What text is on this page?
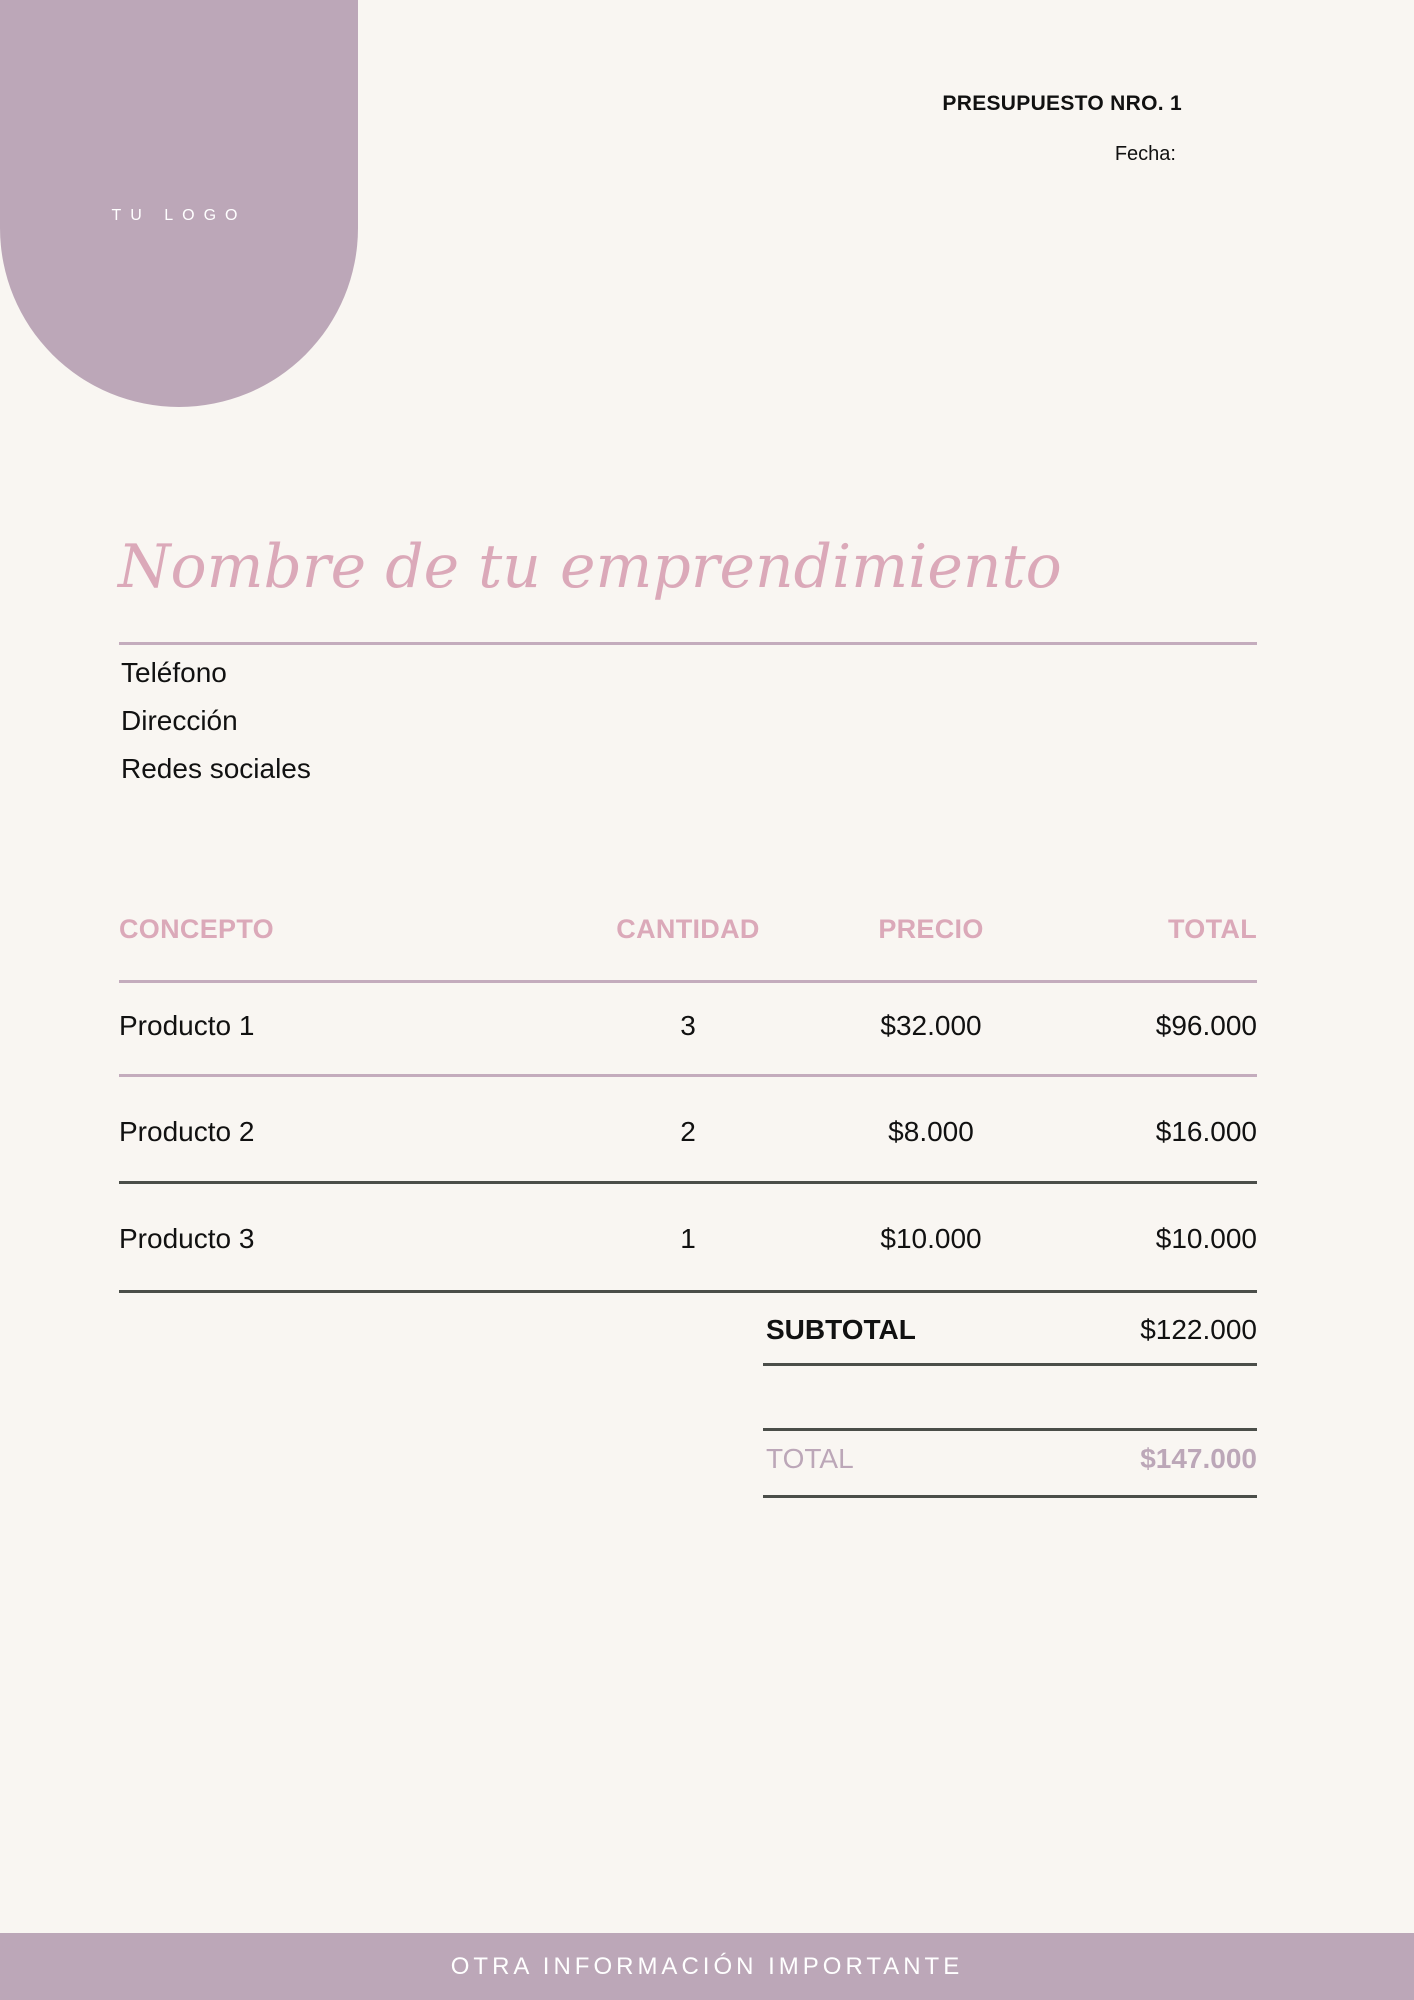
TU LOGO
PRESUPUESTO NRO. 1
Fecha:
Nombre de tu emprendimiento
Teléfono
Dirección
Redes sociales
CONCEPTO	CANTIDAD	PRECIO	TOTAL
Producto 1	3	$32.000	$96.000
Producto 2	2	$8.000	$16.000
Producto 3	1	$10.000	$10.000
SUBTOTAL	$122.000
TOTAL	$147.000
OTRA INFORMACIÓN IMPORTANTE
